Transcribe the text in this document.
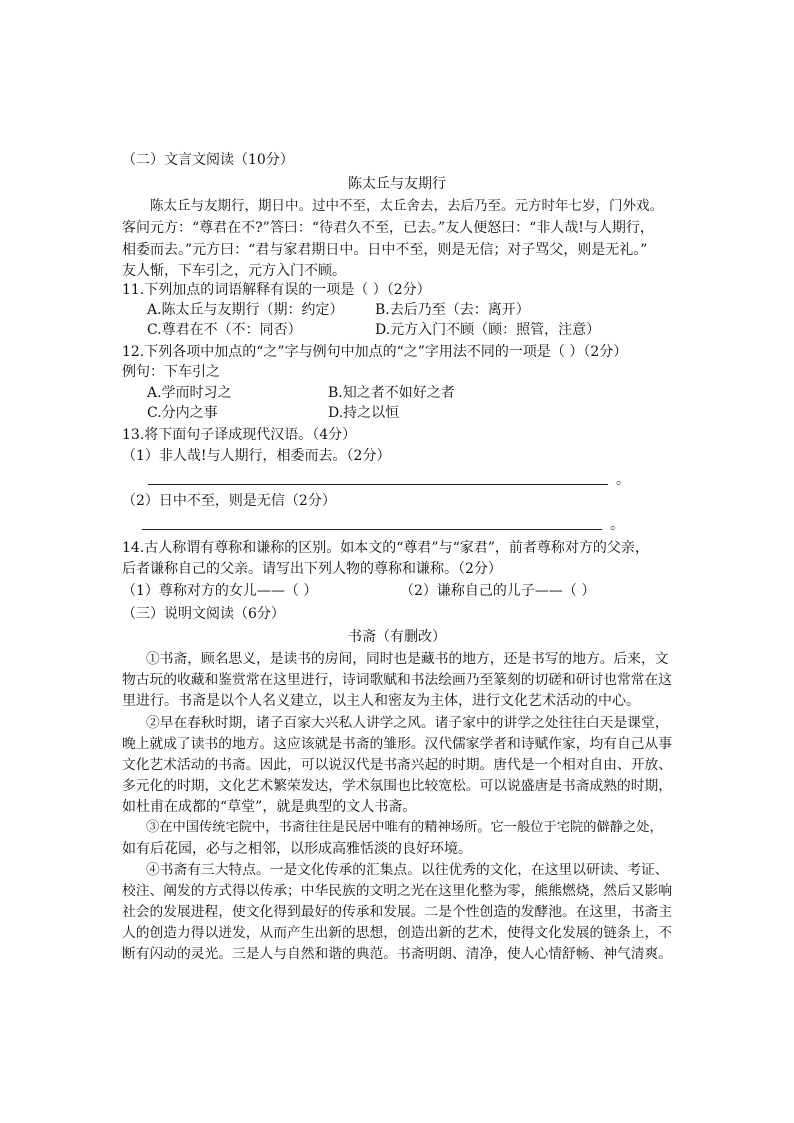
（二）文言文阅读（10分）
陈太丘与友期行
陈太丘与友期行，期日中。过中不至，太丘舍去，去后乃至。元方时年七岁，门外戏。
客问元方：“尊君在不?”答曰：“待君久不至，已去。”友人便怒曰：“非人哉!与人期行，
相委而去。”元方曰：“君与家君期日中。日中不至，则是无信；对子骂父，则是无礼。”
友人惭，下车引之，元方入门不顾。
11.下列加点的词语解释有误的一项是（ ）（2分）
A.陈太丘与友期行（期：约定） B.去后乃至（去：离开）
C.尊君在不（不：同否）	D.元方入门不顾（顾：照管，注意）
12.下列各项中加点的“之”字与例句中加点的“之”字用法不同的一项是（ ）（2分）
例句：下车引之
A.学而时习之	B.知之者不如好之者
C.分内之事	D.持之以恒
13.将下面句子译成现代汉语。（4分）
（1）非人哉!与人期行，相委而去。（2分）
。
（2）日中不至，则是无信（2分）
。
14.古人称谓有尊称和谦称的区别。如本文的“尊君”与“家君”，前者尊称对方的父亲，
后者谦称自己的父亲。请写出下列人物的尊称和谦称。（2分）
（1）尊称对方的女儿——（ ）	（2）谦称自己的儿子——（ ）
（三）说明文阅读（6分）
书斋（有删改）
①书斋，顾名思义，是读书的房间，同时也是藏书的地方，还是书写的地方。后来，文
物古玩的收藏和鉴赏常在这里进行，诗词歌赋和书法绘画乃至篆刻的切磋和研讨也常常在这
里进行。书斋是以个人名义建立，以主人和密友为主体，进行文化艺术活动的中心。
②早在春秋时期，诸子百家大兴私人讲学之风。诸子家中的讲学之处往往白天是课堂，
晚上就成了读书的地方。这应该就是书斋的雏形。汉代儒家学者和诗赋作家，均有自己从事
文化艺术活动的书斋。因此，可以说汉代是书斋兴起的时期。唐代是一个相对自由、开放、
多元化的时期，文化艺术繁荣发达，学术氛围也比较宽松。可以说盛唐是书斋成熟的时期，
如杜甫在成都的“草堂”，就是典型的文人书斋。
③在中国传统宅院中，书斋往往是民居中唯有的精神场所。它一般位于宅院的僻静之处，
如有后花园，必与之相邻，以形成高雅恬淡的良好环境。
④书斋有三大特点。一是文化传承的汇集点。以往优秀的文化，在这里以研读、考证、
校注、阐发的方式得以传承；中华民族的文明之光在这里化整为零，熊熊燃烧，然后又影响
社会的发展进程，使文化得到最好的传承和发展。二是个性创造的发酵池。在这里，书斋主
人的创造力得以迸发，从而产生出新的思想，创造出新的艺术，使得文化发展的链条上，不
断有闪动的灵光。三是人与自然和谐的典范。书斋明朗、清净，使人心情舒畅、神气清爽。
